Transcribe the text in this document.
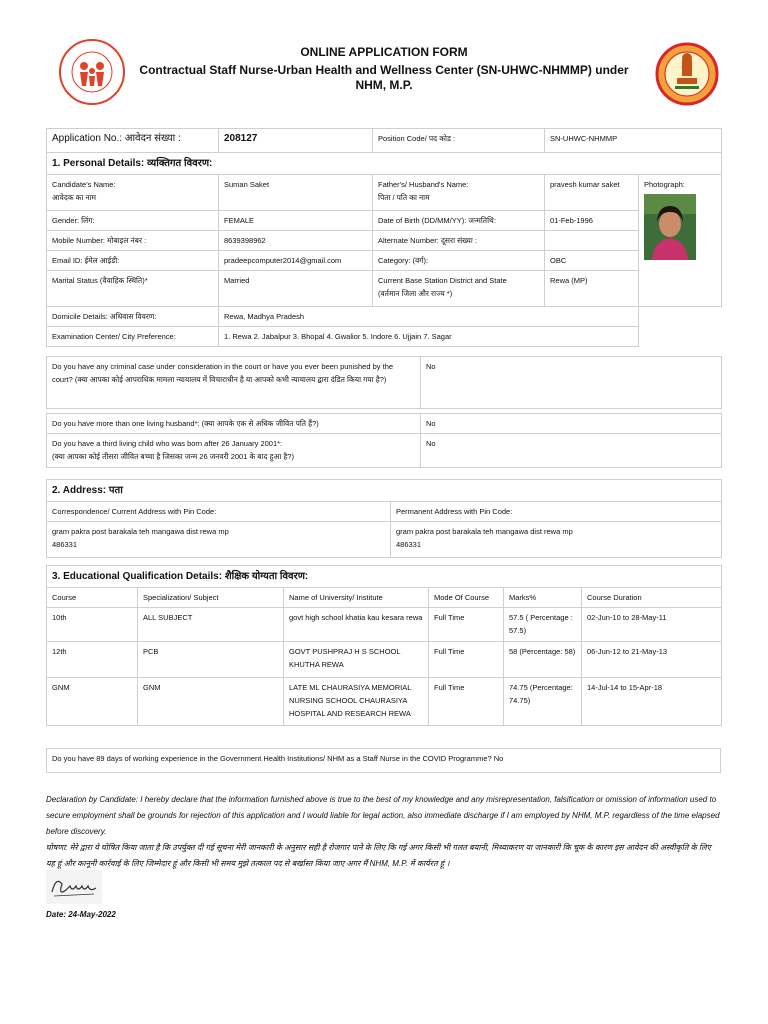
ONLINE APPLICATION FORM
Contractual Staff Nurse-Urban Health and Wellness Center (SN-UHWC-NHMMP) under NHM, M.P.
Application No.: आवेदन संख्या :	208127	Position Code/ पद कोड :	SN-UHWC-NHMMP	
1. Personal Details: व्यक्तिगत विवरण:				
Candidate's Name:
आवेदक का नाम	Suman Saket	Father's/ Husband's Name:
पिता / पति का नाम	pravesh kumar saket	Photograph:

Gender: लिंग:	FEMALE	Date of Birth (DD/MM/YY): जन्मतिथि:	01-Feb-1996	
Mobile Number: मोबाइल नंबर :	8639398962	Alternate Number: दूसरा संख्या :		
Email ID: ईमेल आईडी:	pradeepcomputer2014@gmail.com	Category: (वर्ग):	OBC	
Marital Status (वैवाहिक स्थिति)*	Married	Current Base Station District and State
(वर्तमान जिला और राज्य *)	Rewa (MP)	
Domicile Details: अधिवास विवरण:	Rewa, Madhya Pradesh			
Examination Center/ City Preference:	1. Rewa 2. Jabalpur 3. Bhopal 4. Gwalior 5. Indore 6. Ujjain 7. Sagar			
Do you have any criminal case under consideration in the court or have you ever been punished by the court? (क्या आपका कोई आपराधिक मामला न्यायालय में विचाराधीन है या आपको कभी न्यायालय द्वारा दंडित किया गया है?)	No
Do you have more than one living husband*: (क्या आपके एक से अधिक जीवित पति हैं?)	No
Do you have a third living child who was born after 26 January 2001*:
(क्या आपका कोई तीसरा जीवित बच्चा है जिसका जन्म 26 जनवरी 2001 के बाद हुआ है?)	No
2. Address: पता	
Correspondence/ Current Address with Pin Code:	Permanent Address with Pin Code:
gram pakra post barakala teh mangawa dist rewa mp
486331	gram pakra post barakala teh mangawa dist rewa mp
486331
3. Educational Qualification Details: शैक्षिक योग्यता विवरण:					
Course	Specialization/ Subject	Name of University/ Institute	Mode Of Course	Marks%	Course Duration
10th	ALL SUBJECT	govt high school khatia kau kesara rewa	Full Time	57.5 ( Percentage : 57.5)	02-Jun-10 to 28-May-11
12th	PCB	GOVT PUSHPRAJ H S SCHOOL KHUTHA REWA	Full Time	58 (Percentage: 58)	06-Jun-12 to 21-May-13
GNM	GNM	LATE ML CHAURASIYA MEMORIAL NURSING SCHOOL CHAURASIYA HOSPITAL AND RESEARCH REWA	Full Time	74.75 (Percentage: 74.75)	14-Jul-14 to 15-Apr-18
Do you have 89 days of working experience in the Government Health Institutions/ NHM as a Staff Nurse in the COVID Programme? No
Declaration by Candidate: I hereby declare that the information furnished above is true to the best of my knowledge and any misrepresentation, falsification or omission of information used to secure employment shall be grounds for rejection of this application and I would liable for legal action, also immediate discharge if I am employed by NHM, M.P. regardless of the time elapsed before discovery.
घोषणा: मेरे द्वारा ये घोषित किया जाता है कि उपर्युक्त दी गई सूचना मेरी जानकारी के अनुसार सही है रोजगार पाने के लिए कि गई अगर किसी भी गलत बयानी, मिथ्याकरण या जानकारी कि चूक के कारण इस आवेदन की अस्वीकृति के लिए यह हूं और कानूनी कार्रवाई के लिए जिम्मेदार हूं और किसी भी समय मुझे तत्काल पद से बर्खास्त किया जाए अगर मैं NHM, M.P. में कार्यरत हूं ।
Date: 24-May-2022
